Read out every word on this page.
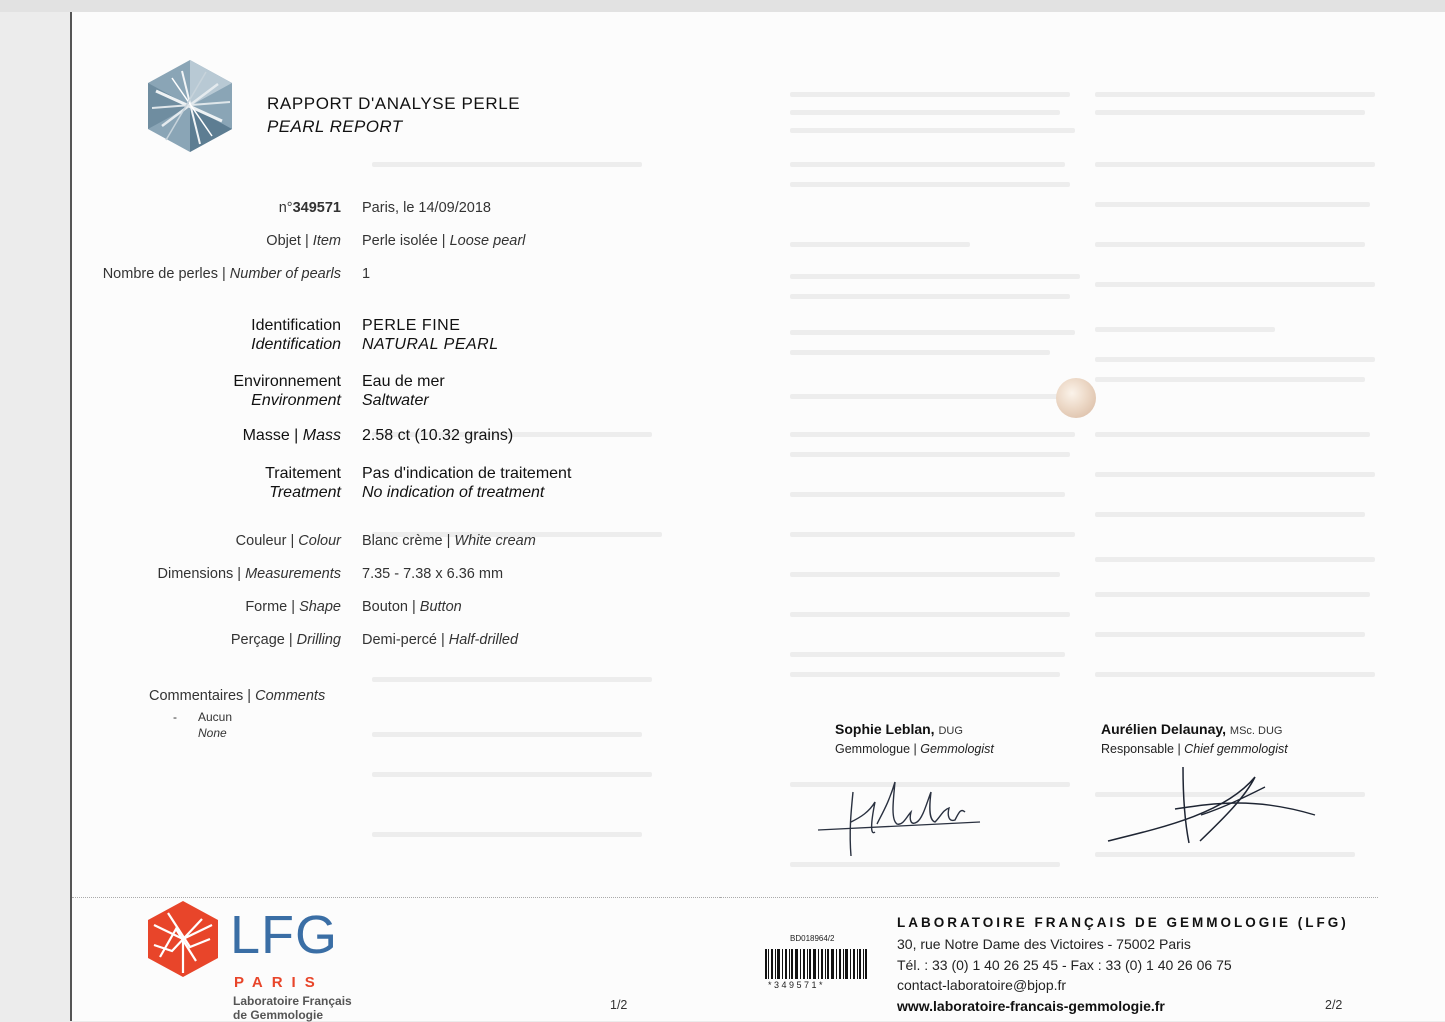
RAPPORT D'ANALYSE PERLE
PEARL REPORT
n°349571 Paris, le 14/09/2018
Objet | Item Perle isolée | Loose pearl
Nombre de perles | Number of pearls 1
Identification
Identification
PERLE FINE
NATURAL PEARL
Environnement
Environment
Eau de mer
Saltwater
Masse | Mass 2.58 ct (10.32 grains)
Traitement
Treatment
Pas d'indication de traitement
No indication of treatment
Couleur | Colour Blanc crème | White cream
Dimensions | Measurements 7.35 - 7.38 x 6.36 mm
Forme | Shape Bouton | Button
Perçage | Drilling Demi-percé | Half-drilled
Commentaires | Comments
- Aucun
None
LFG
PARIS
Laboratoire Français
de Gemmologie
1/2
Sophie Leblan, DUG
Gemmologue | Gemmologist
Aurélien Delaunay, MSc. DUG
Responsable | Chief gemmologist
BD018964/2
* 3 4 9 5 7 1 *
LABORATOIRE FRANÇAIS DE GEMMOLOGIE (LFG)
30, rue Notre Dame des Victoires - 75002 Paris
Tél. : 33 (0) 1 40 26 25 45 - Fax : 33 (0) 1 40 26 06 75
contact-laboratoire@bjop.fr
www.laboratoire-francais-gemmologie.fr	2/2
